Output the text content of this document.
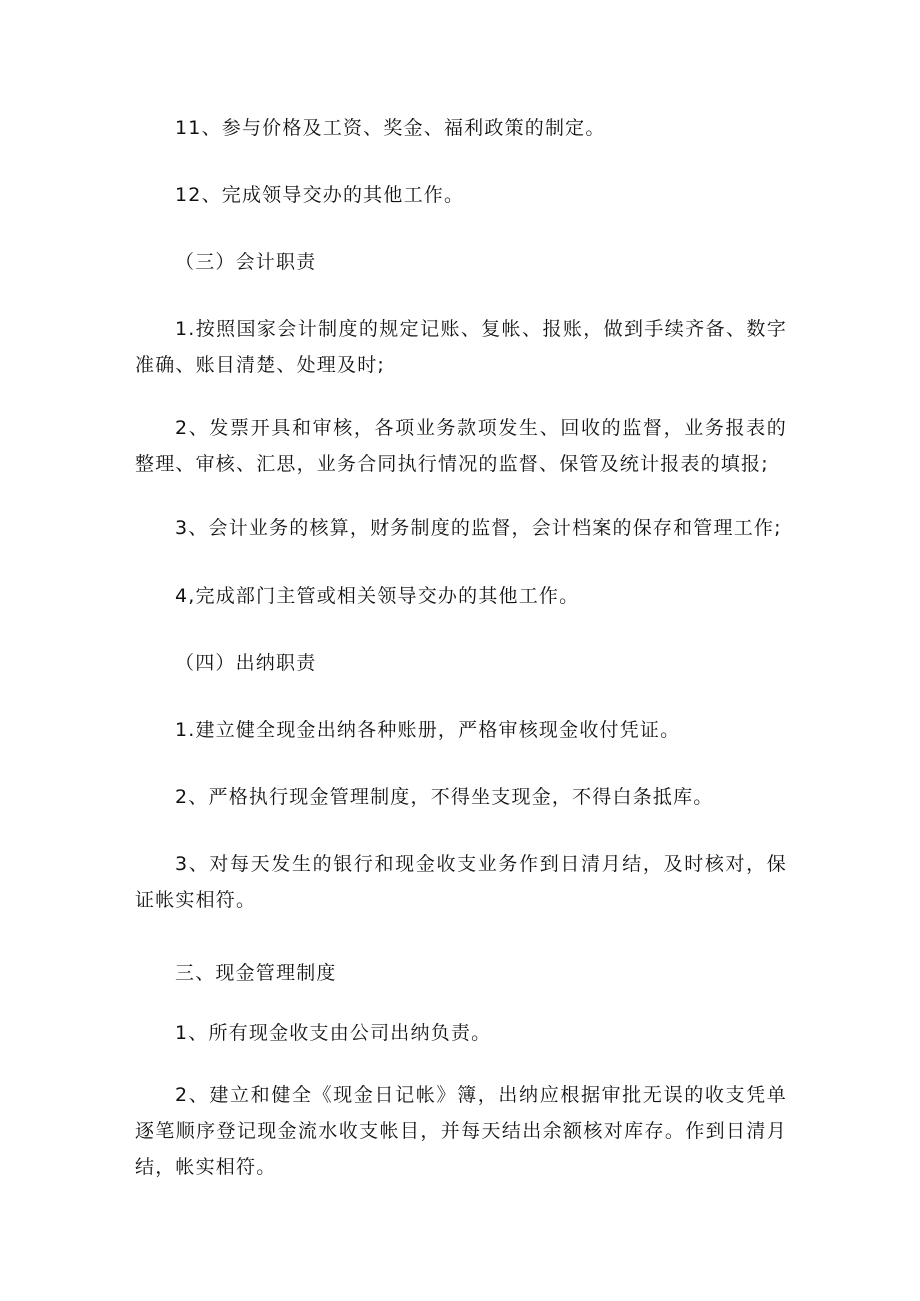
11、参与价格及工资、奖金、福利政策的制定。

12、完成领导交办的其他工作。

（三）会计职责

1.按照国家会计制度的规定记账、复帐、报账，做到手续齐备、数字准确、账目清楚、处理及时;

2、发票开具和审核，各项业务款项发生、回收的监督，业务报表的整理、审核、汇思，业务合同执行情况的监督、保管及统计报表的填报;

3、会计业务的核算，财务制度的监督，会计档案的保存和管理工作;

4,完成部门主管或相关领导交办的其他工作。

（四）出纳职责

1.建立健全现金出纳各种账册，严格审核现金收付凭证。

2、严格执行现金管理制度，不得坐支现金，不得白条抵库。

3、对每天发生的银行和现金收支业务作到日清月结，及时核对，保证帐实相符。

三、现金管理制度

1、所有现金收支由公司出纳负责。

2、建立和健全《现金日记帐》簿，出纳应根据审批无误的收支凭单逐笔顺序登记现金流水收支帐目，并每天结出余额核对库存。作到日清月结，帐实相符。
